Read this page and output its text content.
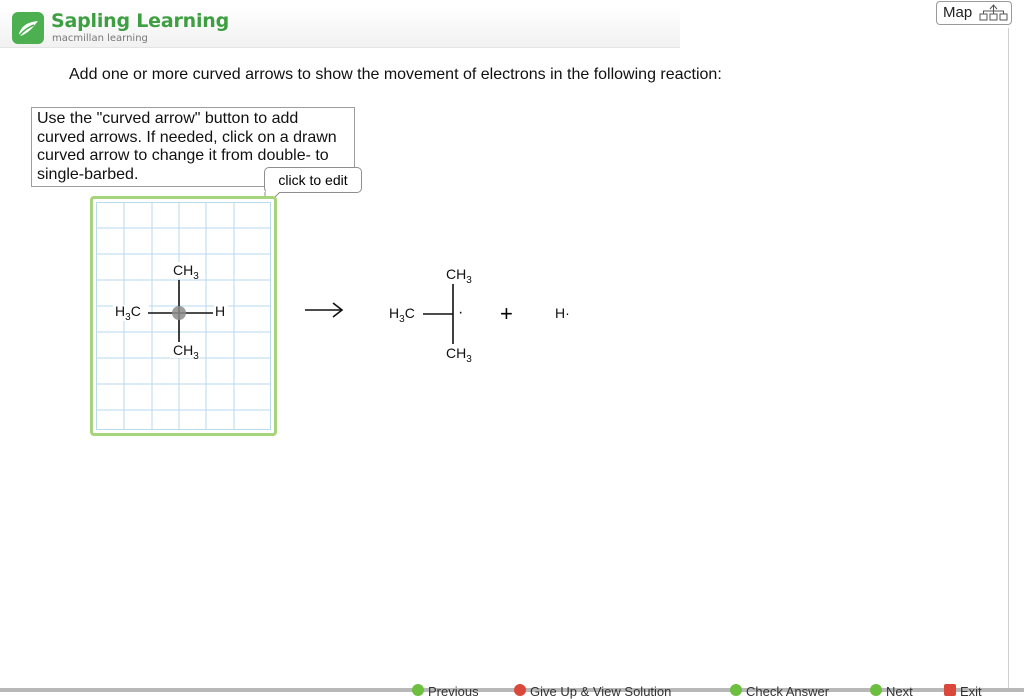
Sapling Learning
macmillan learning
Map
Add one or more curved arrows to show the movement of electrons in the following reaction:
Use the "curved arrow" button to add curved arrows. If needed, click on a drawn curved arrow to change it from double- to single-barbed.	click to edit
$CH_3$
$CH_3$
$H_3C$	H
$CH_3$
$CH_3$
$H_3C$	· +	H·
Previous	Give Up & View Solution	Check Answer	Next	Exit
